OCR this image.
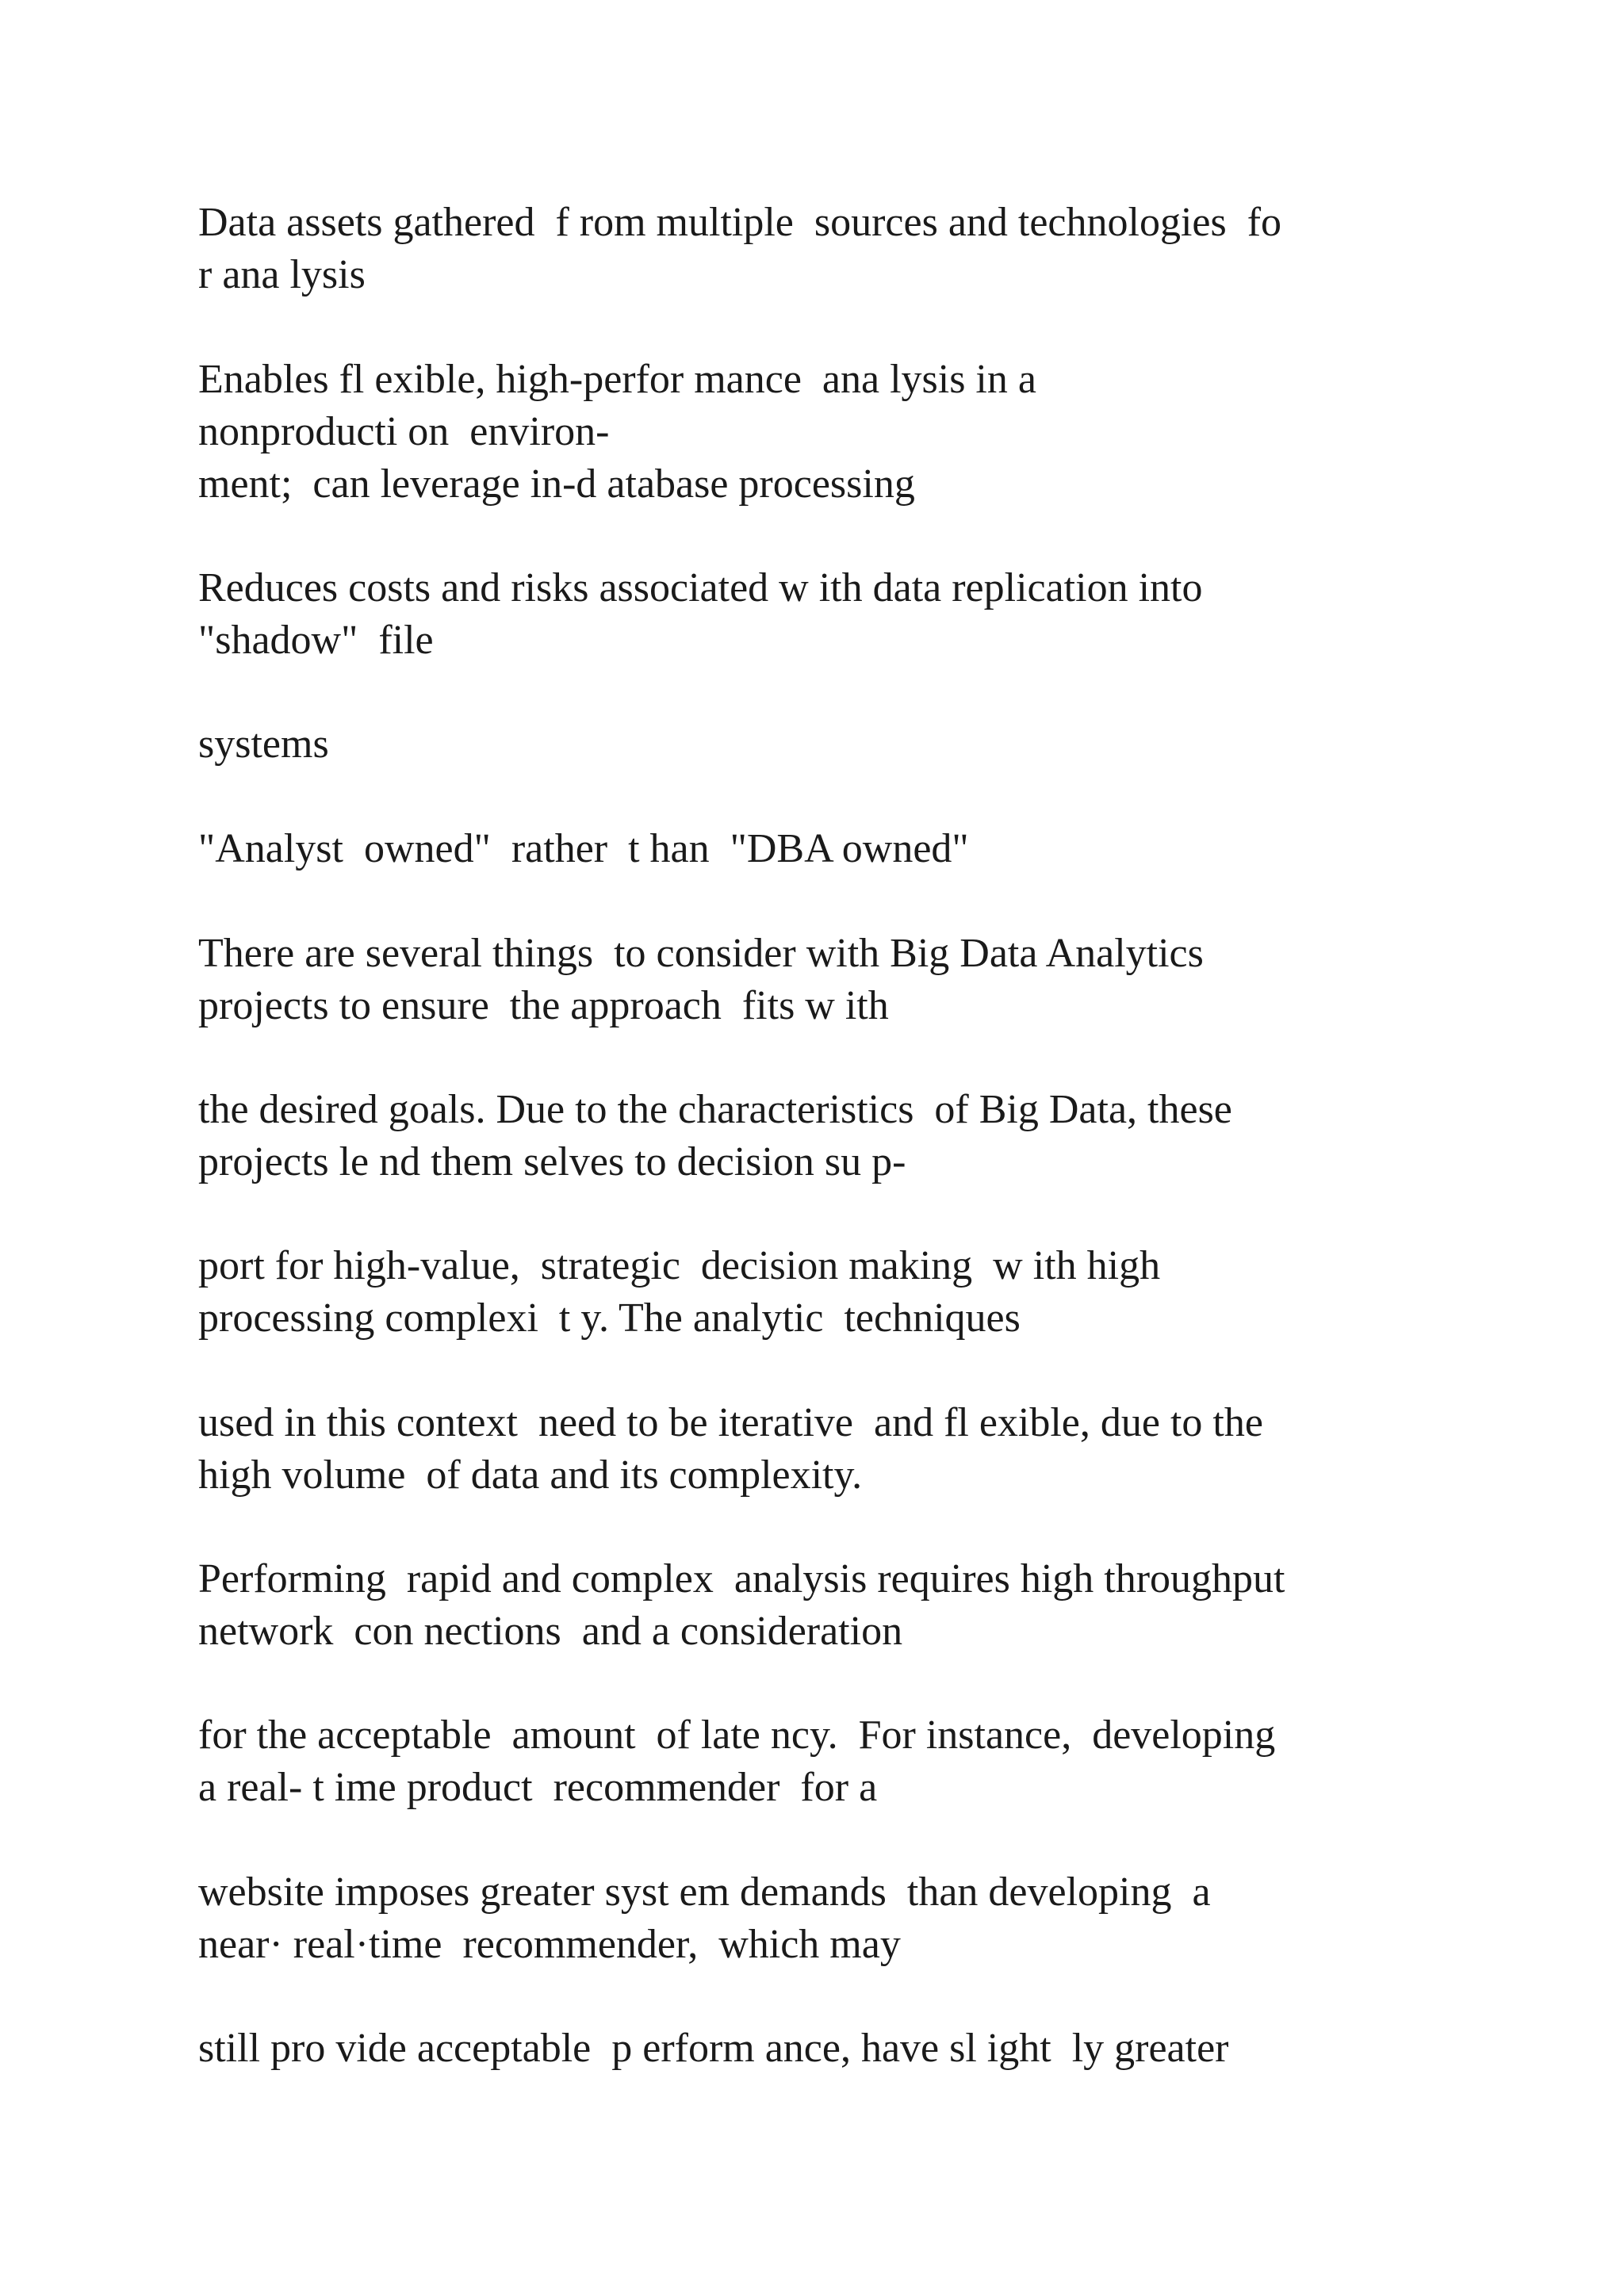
Data assets gathered  f rom multiple  sources and technologies  fo

r ana lysis

Enables fl exible, high-perfor mance  ana lysis in a

nonproducti on  environ-

ment;  can leverage in-d atabase processing

Reduces costs and risks associated w ith data replication into

"shadow"  file

systems

"Analyst  owned"  rather  t han  "DBA owned"

There are several things  to consider with Big Data Analytics

projects to ensure  the approach  fits w ith

the desired goals. Due to the characteristics  of Big Data, these

projects le nd them selves to decision su p-

port for high-value,  strategic  decision making  w ith high

processing complexi  t y. The analytic  techniques

used in this context  need to be iterative  and fl exible, due to the

high volume  of data and its complexity.

Performing  rapid and complex  analysis requires high throughput

network  con nections  and a consideration

for the acceptable  amount  of late ncy.  For instance,  developing

a real- t ime product  recommender  for a

website imposes greater syst em demands  than developing  a

near· real·time  recommender,  which may

still pro vide acceptable  p erform ance, have sl ight  ly greater
